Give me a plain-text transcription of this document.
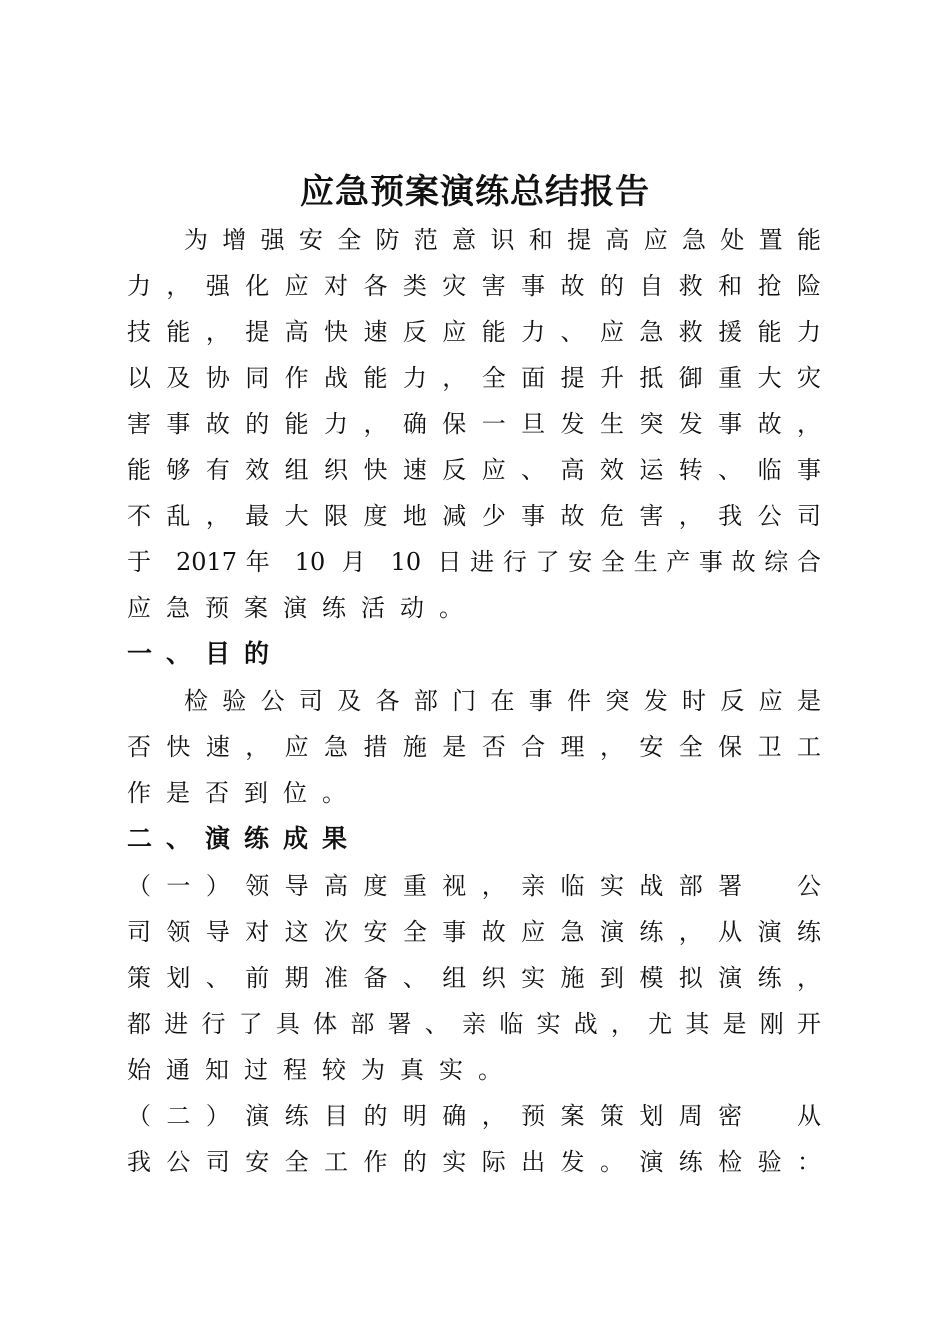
应急预案演练总结报告
为增强安全防范意识和提高应急处置能
力，强化应对各类灾害事故的自救和抢险
技能，提高快速反应能力、应急救援能力
以及协同作战能力，全面提升抵御重大灾
害事故的能力，确保一旦发生突发事故，
能够有效组织快速反应、高效运转、临事
不乱，最大限度地减少事故危害，我公司
于 2017年 10 月 10 日进行了安全生产事故综合
应急预案演练活动。
一、目的
检验公司及各部门在事件突发时反应是
否快速，应急措施是否合理，安全保卫工
作是否到位。
二、演练成果
（一）领导高度重视，亲临实战部署　公
司领导对这次安全事故应急演练，从演练
策划、前期准备、组织实施到模拟演练，
都进行了具体部署、亲临实战，尤其是刚开
始通知过程较为真实。
（二）演练目的明确，预案策划周密　从
我公司安全工作的实际出发。演练检验：
